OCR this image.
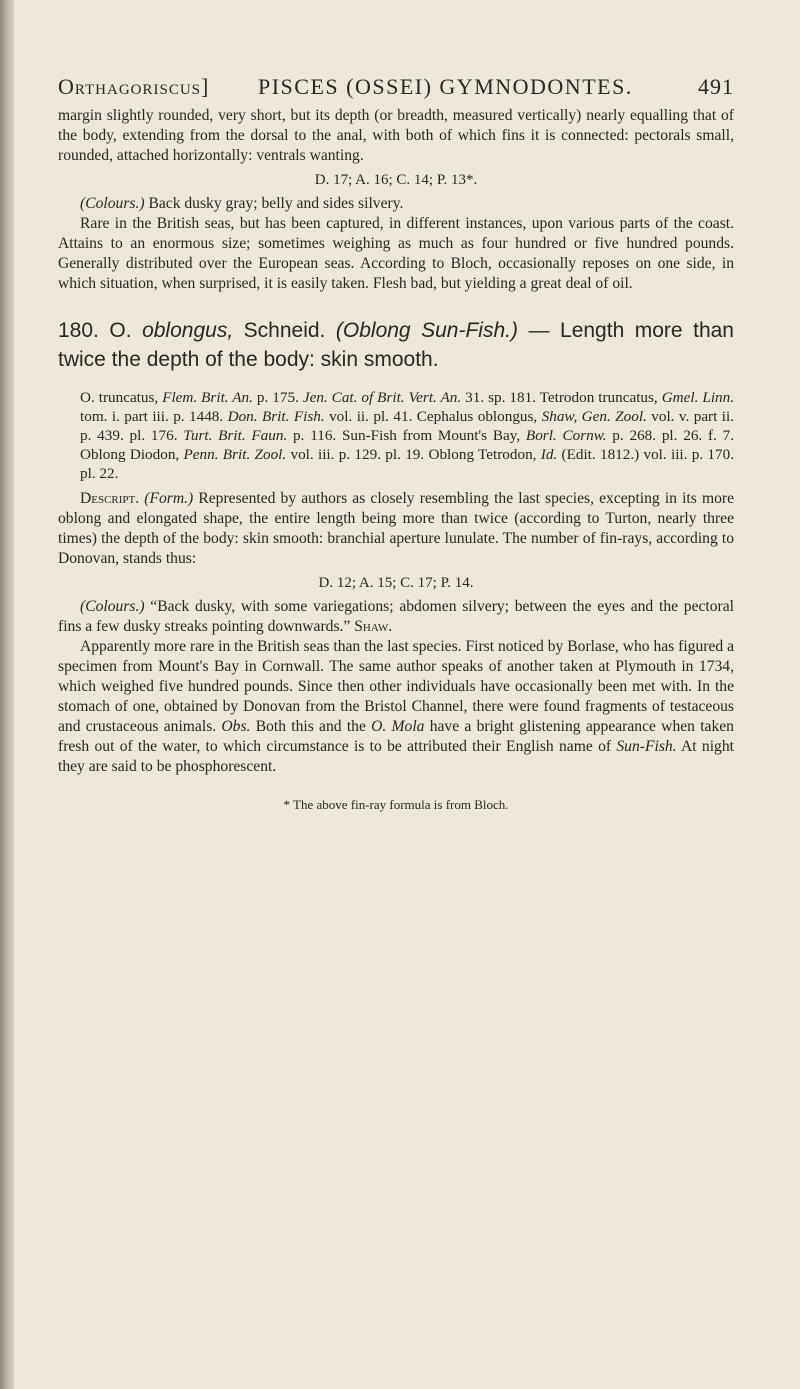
Orthagoriscus] PISCES (OSSEI) GYMNODONTES.	491

margin slightly rounded, very short, but its depth (or breadth, measured vertically) nearly equalling that of the body, extending from the dorsal to the anal, with both of which fins it is connected: pectorals small, rounded, attached horizontally: ventrals wanting.

D. 17; A. 16; C. 14; P. 13*.

(Colours.) Back dusky gray; belly and sides silvery.

Rare in the British seas, but has been captured, in different instances, upon various parts of the coast. Attains to an enormous size; sometimes weighing as much as four hundred or five hundred pounds. Generally distributed over the European seas. According to Bloch, occasionally reposes on one side, in which situation, when surprised, it is easily taken. Flesh bad, but yielding a great deal of oil.

180. O. oblongus, Schneid. (Oblong Sun-Fish.) — Length more than twice the depth of the body: skin smooth.

O. truncatus, Flem. Brit. An. p. 175. Jen. Cat. of Brit. Vert. An. 31. sp. 181. Tetrodon truncatus, Gmel. Linn. tom. i. part iii. p. 1448. Don. Brit. Fish. vol. ii. pl. 41. Cephalus oblongus, Shaw, Gen. Zool. vol. v. part ii. p. 439. pl. 176. Turt. Brit. Faun. p. 116. Sun-Fish from Mount's Bay, Borl. Cornw. p. 268. pl. 26. f. 7. Oblong Diodon, Penn. Brit. Zool. vol. iii. p. 129. pl. 19. Oblong Tetrodon, Id. (Edit. 1812.) vol. iii. p. 170. pl. 22.

Descript. (Form.) Represented by authors as closely resembling the last species, excepting in its more oblong and elongated shape, the entire length being more than twice (according to Turton, nearly three times) the depth of the body: skin smooth: branchial aperture lunulate. The number of fin-rays, according to Donovan, stands thus:

D. 12; A. 15; C. 17; P. 14.

(Colours.) “Back dusky, with some variegations; abdomen silvery; between the eyes and the pectoral fins a few dusky streaks pointing downwards.” Shaw.

Apparently more rare in the British seas than the last species. First noticed by Borlase, who has figured a specimen from Mount's Bay in Cornwall. The same author speaks of another taken at Plymouth in 1734, which weighed five hundred pounds. Since then other individuals have occasionally been met with. In the stomach of one, obtained by Donovan from the Bristol Channel, there were found fragments of testaceous and crustaceous animals. Obs. Both this and the O. Mola have a bright glistening appearance when taken fresh out of the water, to which circumstance is to be attributed their English name of Sun-Fish. At night they are said to be phosphorescent.

* The above fin-ray formula is from Bloch.
